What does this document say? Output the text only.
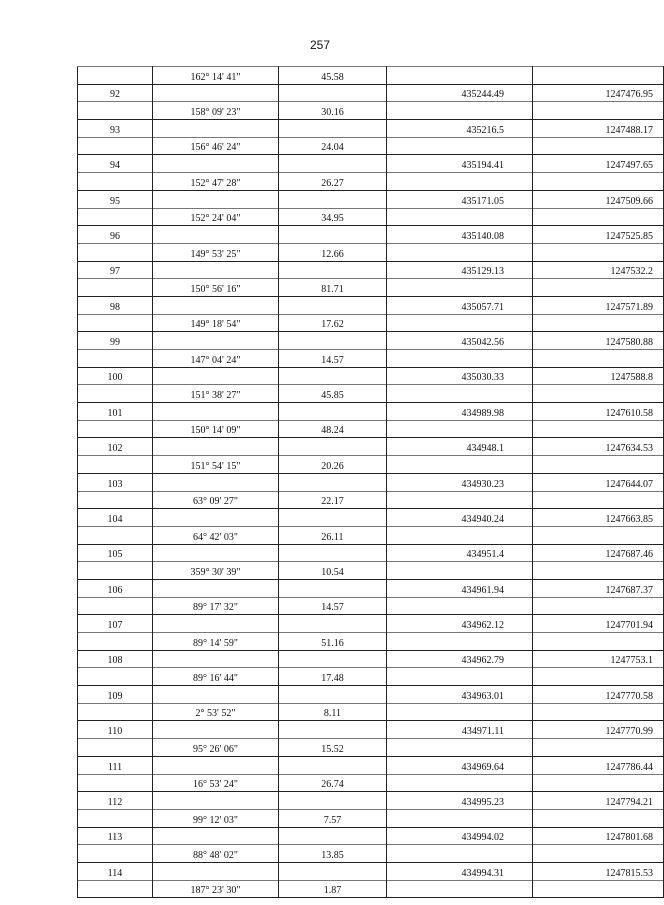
257
	162° 14' 41"	45.58		
92			435244.49	1247476.95
	158° 09' 23"	30.16		
93			435216.5	1247488.17
	156° 46' 24"	24.04		
94			435194.41	1247497.65
	152° 47' 28"	26.27		
95			435171.05	1247509.66
	152° 24' 04"	34.95		
96			435140.08	1247525.85
	149° 53' 25"	12.66		
97			435129.13	1247532.2
	150° 56' 16"	81.71		
98			435057.71	1247571.89
	149° 18' 54"	17.62		
99			435042.56	1247580.88
	147° 04' 24"	14.57		
100			435030.33	1247588.8
	151° 38' 27"	45.85		
101			434989.98	1247610.58
	150° 14' 09"	48.24		
102			434948.1	1247634.53
	151° 54' 15"	20.26		
103			434930.23	1247644.07
	63° 09' 27"	22.17		
104			434940.24	1247663.85
	64° 42' 03"	26.11		
105			434951.4	1247687.46
	359° 30' 39"	10.54		
106			434961.94	1247687.37
	89° 17' 32"	14.57		
107			434962.12	1247701.94
	89° 14' 59"	51.16		
108			434962.79	1247753.1
	89° 16' 44"	17.48		
109			434963.01	1247770.58
	2° 53' 52"	8.11		
110			434971.11	1247770.99
	95° 26' 06"	15.52		
111			434969.64	1247786.44
	16° 53' 24"	26.74		
112			434995.23	1247794.21
	99° 12' 03"	7.57		
113			434994.02	1247801.68
	88° 48' 02"	13.85		
114			434994.31	1247815.53
	187° 23' 30"	1.87		
